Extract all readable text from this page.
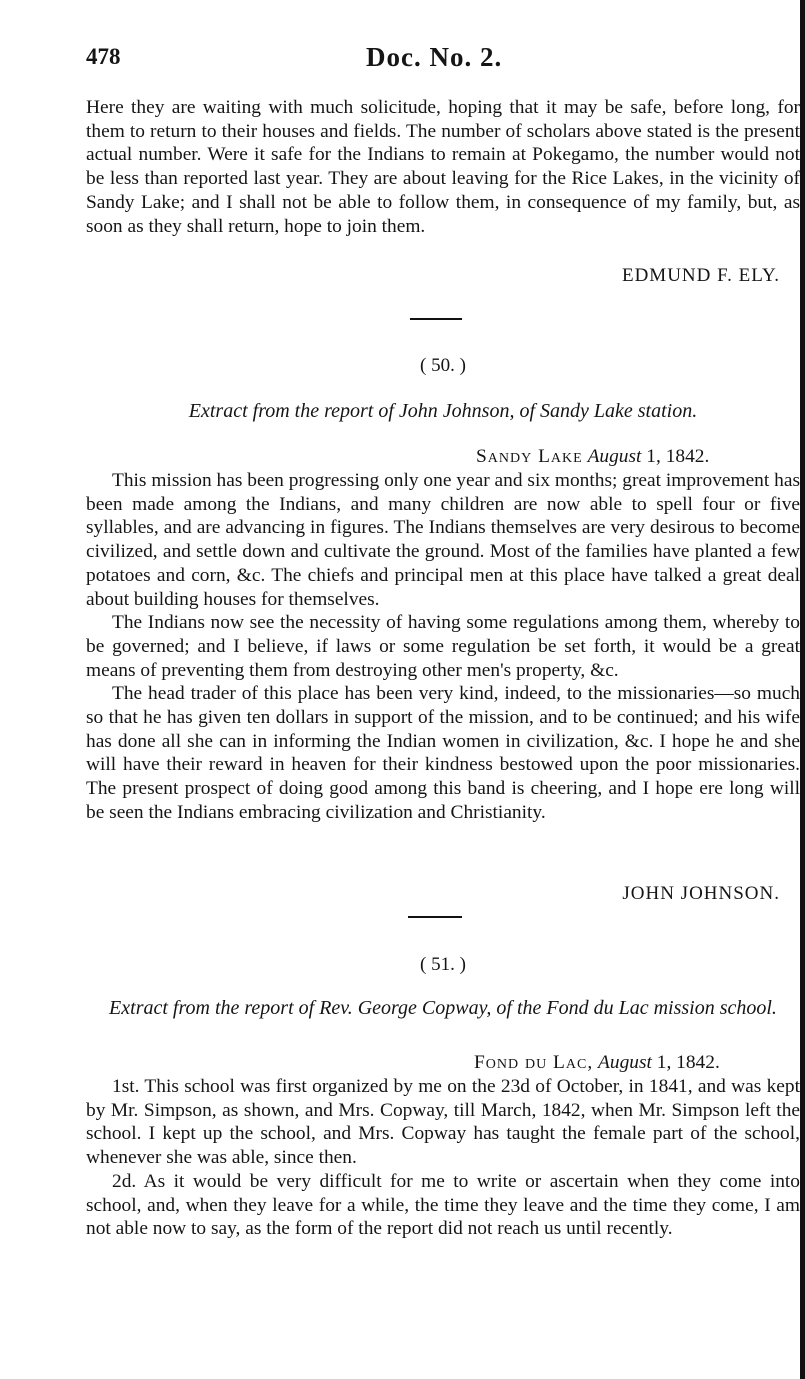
478	Doc. No. 2.

Here they are waiting with much solicitude, hoping that it may be safe, before long, for them to return to their houses and fields. The number of scholars above stated is the present actual number. Were it safe for the Indians to remain at Pokegamo, the number would not be less than reported last year. They are about leaving for the Rice Lakes, in the vicinity of Sandy Lake; and I shall not be able to follow them, in consequence of my family, but, as soon as they shall return, hope to join them.

EDMUND F. ELY.
( 50. )
Extract from the report of John Johnson, of Sandy Lake station.
Sandy Lake August 1, 1842.

This mission has been progressing only one year and six months; great improvement has been made among the Indians, and many children are now able to spell four or five syllables, and are advancing in figures. The Indians themselves are very desirous to become civilized, and settle down and cultivate the ground. Most of the families have planted a few potatoes and corn, &c. The chiefs and principal men at this place have talked a great deal about building houses for themselves.

The Indians now see the necessity of having some regulations among them, whereby to be governed; and I believe, if laws or some regulation be set forth, it would be a great means of preventing them from destroying other men's property, &c.

The head trader of this place has been very kind, indeed, to the missionaries—so much so that he has given ten dollars in support of the mission, and to be continued; and his wife has done all she can in informing the Indian women in civilization, &c. I hope he and she will have their reward in heaven for their kindness bestowed upon the poor missionaries. The present prospect of doing good among this band is cheering, and I hope ere long will be seen the Indians embracing civilization and Christianity.

JOHN JOHNSON.
( 51. )
Extract from the report of Rev. George Copway, of the Fond du Lac mission school.
Fond du Lac, August 1, 1842.

1st. This school was first organized by me on the 23d of October, in 1841, and was kept by Mr. Simpson, as shown, and Mrs. Copway, till March, 1842, when Mr. Simpson left the school. I kept up the school, and Mrs. Copway has taught the female part of the school, whenever she was able, since then.

2d. As it would be very difficult for me to write or ascertain when they come into school, and, when they leave for a while, the time they leave and the time they come, I am not able now to say, as the form of the report did not reach us until recently.
